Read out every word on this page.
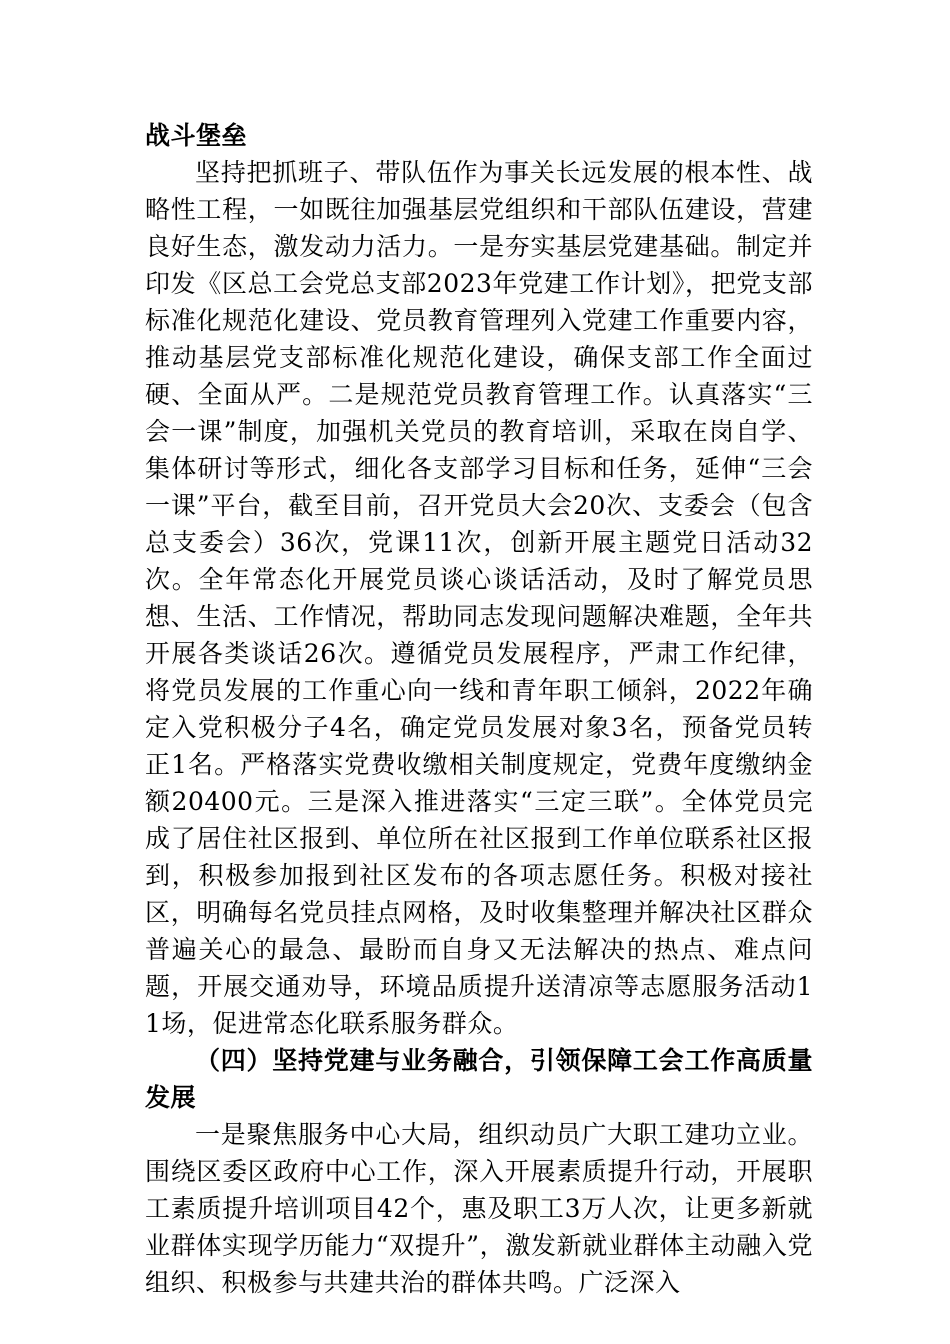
战斗堡垒

坚持把抓班子、带队伍作为事关长远发展的根本性、战略性工程，一如既往加强基层党组织和干部队伍建设，营建良好生态，激发动力活力。一是夯实基层党建基础。制定并印发《区总工会党总支部2023年党建工作计划》，把党支部标准化规范化建设、党员教育管理列入党建工作重要内容，推动基层党支部标准化规范化建设，确保支部工作全面过硬、全面从严。二是规范党员教育管理工作。认真落实“三会一课”制度，加强机关党员的教育培训，采取在岗自学、集体研讨等形式，细化各支部学习目标和任务，延伸“三会一课”平台，截至目前，召开党员大会20次、支委会（包含总支委会）36次，党课11次，创新开展主题党日活动32次。全年常态化开展党员谈心谈话活动，及时了解党员思想、生活、工作情况，帮助同志发现问题解决难题，全年共开展各类谈话26次。遵循党员发展程序，严肃工作纪律，将党员发展的工作重心向一线和青年职工倾斜，2022年确定入党积极分子4名，确定党员发展对象3名，预备党员转正1名。严格落实党费收缴相关制度规定，党费年度缴纳金额20400元。三是深入推进落实“三定三联”。全体党员完成了居住社区报到、单位所在社区报到工作单位联系社区报到，积极参加报到社区发布的各项志愿任务。积极对接社区，明确每名党员挂点网格，及时收集整理并解决社区群众普遍关心的最急、最盼而自身又无法解决的热点、难点问题，开展交通劝导，环境品质提升送清凉等志愿服务活动11场，促进常态化联系服务群众。

（四）坚持党建与业务融合，引领保障工会工作高质量发展

一是聚焦服务中心大局，组织动员广大职工建功立业。围绕区委区政府中心工作，深入开展素质提升行动，开展职工素质提升培训项目42个，惠及职工3万人次，让更多新就业群体实现学历能力“双提升”，激发新就业群体主动融入党组织、积极参与共建共治的群体共鸣。广泛深入
